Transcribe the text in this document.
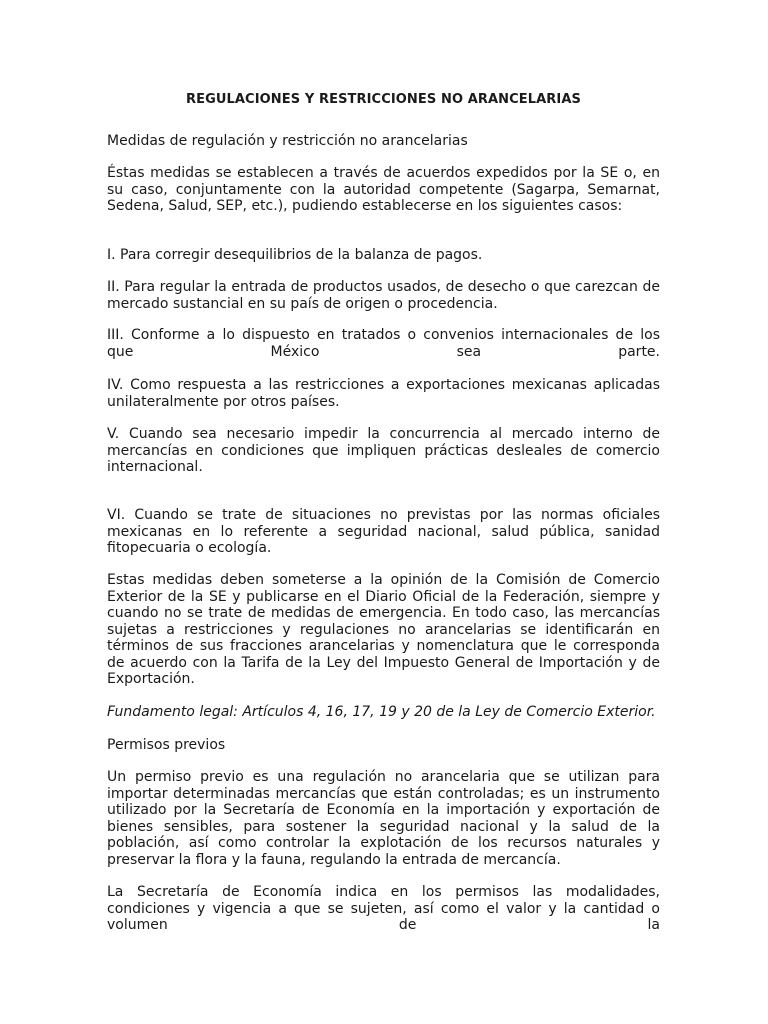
REGULACIONES Y RESTRICCIONES NO ARANCELARIAS

Medidas de regulación y restricción no arancelarias

Éstas medidas se establecen a través de acuerdos expedidos por la SE o, en su caso, conjuntamente con la autoridad competente (Sagarpa, Semarnat, Sedena, Salud, SEP, etc.), pudiendo establecerse en los siguientes casos:

I. Para corregir desequilibrios de la balanza de pagos.

II. Para regular la entrada de productos usados, de desecho o que carezcan de mercado sustancial en su país de origen o procedencia.

III. Conforme a lo dispuesto en tratados o convenios internacionales de los que México sea parte.

IV. Como respuesta a las restricciones a exportaciones mexicanas aplicadas unilateralmente por otros países.

V. Cuando sea necesario impedir la concurrencia al mercado interno de mercancías en condiciones que impliquen prácticas desleales de comercio internacional.

VI. Cuando se trate de situaciones no previstas por las normas oficiales mexicanas en lo referente a seguridad nacional, salud pública, sanidad fitopecuaria o ecología.

Estas medidas deben someterse a la opinión de la Comisión de Comercio Exterior de la SE y publicarse en el Diario Oficial de la Federación, siempre y cuando no se trate de medidas de emergencia. En todo caso, las mercancías sujetas a restricciones y regulaciones no arancelarias se identificarán en términos de sus fracciones arancelarias y nomenclatura que le corresponda de acuerdo con la Tarifa de la Ley del Impuesto General de Importación y de Exportación.

Fundamento legal: Artículos 4, 16, 17, 19 y 20 de la Ley de Comercio Exterior.

Permisos previos

Un permiso previo es una regulación no arancelaria que se utilizan para importar determinadas mercancías que están controladas; es un instrumento utilizado por la Secretaría de Economía en la importación y exportación de bienes sensibles, para sostener la seguridad nacional y la salud de la población, así como controlar la explotación de los recursos naturales y preservar la flora y la fauna, regulando la entrada de mercancía.

La Secretaría de Economía indica en los permisos las modalidades, condiciones y vigencia a que se sujeten, así como el valor y la cantidad o volumen de la
